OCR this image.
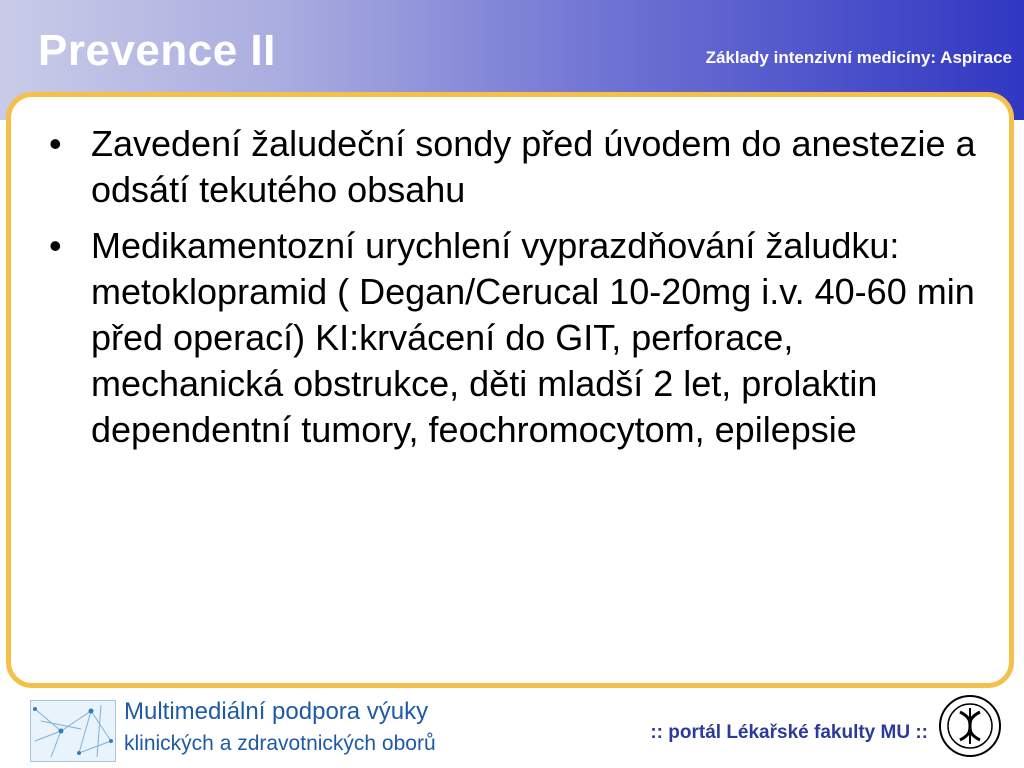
Prevence II	Základy intenzivní medicíny: Aspirace
• Zavedení žaludeční sondy před úvodem do anestezie a odsátí tekutého obsahu
• Medikamentozní urychlení vyprazdňování žaludku: metoklopramid ( Degan/Cerucal 10-20mg i.v. 40-60 min před operací) KI:krvácení do GIT, perforace, mechanická obstrukce, děti mladší 2 let, prolaktin dependentní tumory, feochromocytom, epilepsie
Multimediální podpora výuky
klinických a zdravotnických oborů	:: portál Lékařské fakulty MU ::
